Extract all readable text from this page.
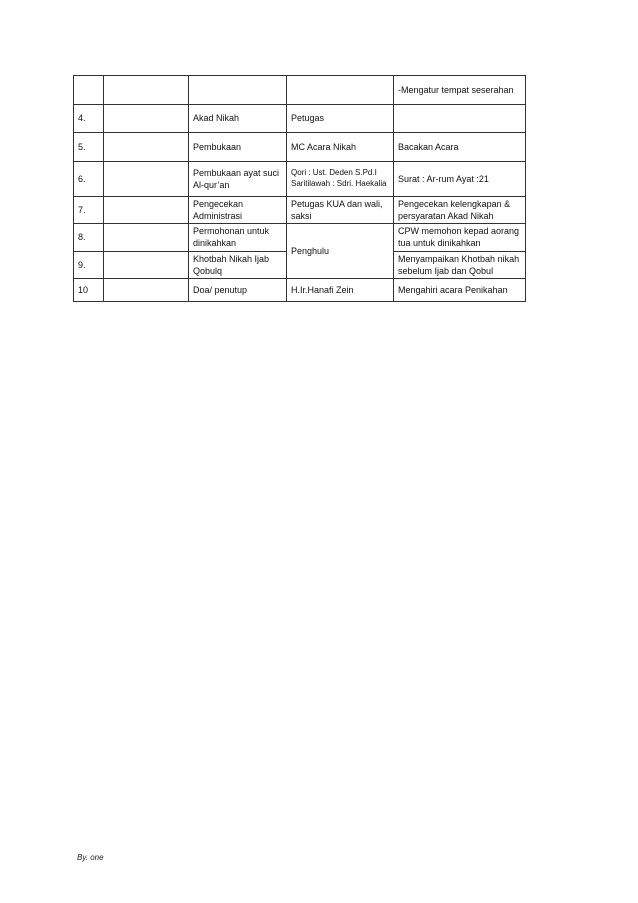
				-Mengatur tempat seserahan
4.		Akad Nikah	Petugas	
5.		Pembukaan	MC Acara Nikah	Bacakan Acara
6.		Pembukaan ayat suci Al-qur’an	Qori : Ust. Deden S.Pd.I Saritilawah : Sdri. Haekalia	Surat : Ar-rum Ayat :21
7.		Pengecekan Administrasi	Petugas KUA dan wali, saksi	Pengecekan kelengkapan & persyaratan Akad Nikah
8.		Permohonan untuk dinikahkan	Penghulu	CPW memohon kepad aorang tua untuk dinikahkan
9.		Khotbah Nikah Ijab Qobulq		Menyampaikan Khotbah nikah sebelum Ijab dan Qobul
10		Doa/ penutup	H.Ir.Hanafi Zein	Mengahiri acara Penikahan
By. one
